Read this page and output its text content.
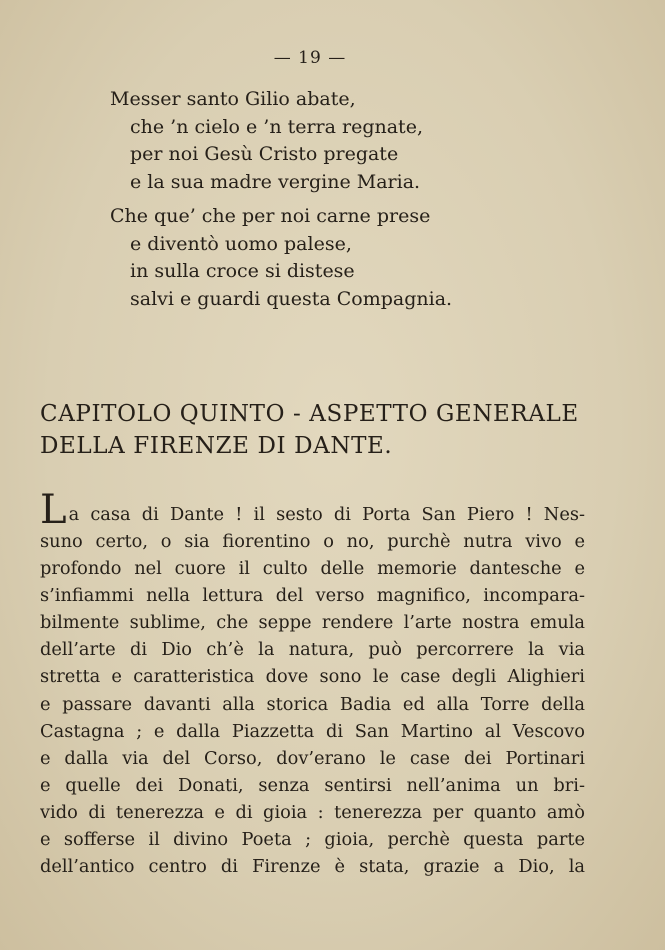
— 19 —
Messer santo Gilio abate,
che ’n cielo e ’n terra regnate,
per noi Gesù Cristo pregate
e la sua madre vergine Maria.
Che que’ che per noi carne prese
e diventò uomo palese,
in sulla croce si distese
salvi e guardi questa Compagnia.
CAPITOLO QUINTO - ASPETTO GENERALE
DELLA FIRENZE DI DANTE.
L a casa di Dante ! il sesto di Porta San Piero ! Nes-
suno certo, o sia fiorentino o no, purchè nutra vivo e
profondo nel cuore il culto delle memorie dantesche e
s’infiammi nella lettura del verso magnifico, incompara-
bilmente sublime, che seppe rendere l’arte nostra emula
dell’arte di Dio ch’è la natura, può percorrere la via
stretta e caratteristica dove sono le case degli Alighieri
e passare davanti alla storica Badia ed alla Torre della
Castagna ; e dalla Piazzetta di San Martino al Vescovo
e dalla via del Corso, dov’erano le case dei Portinari
e quelle dei Donati, senza sentirsi nell’anima un bri-
vido di tenerezza e di gioia : tenerezza per quanto amò
e sofferse il divino Poeta ; gioia, perchè questa parte
dell’antico centro di Firenze è stata, grazie a Dio, la
